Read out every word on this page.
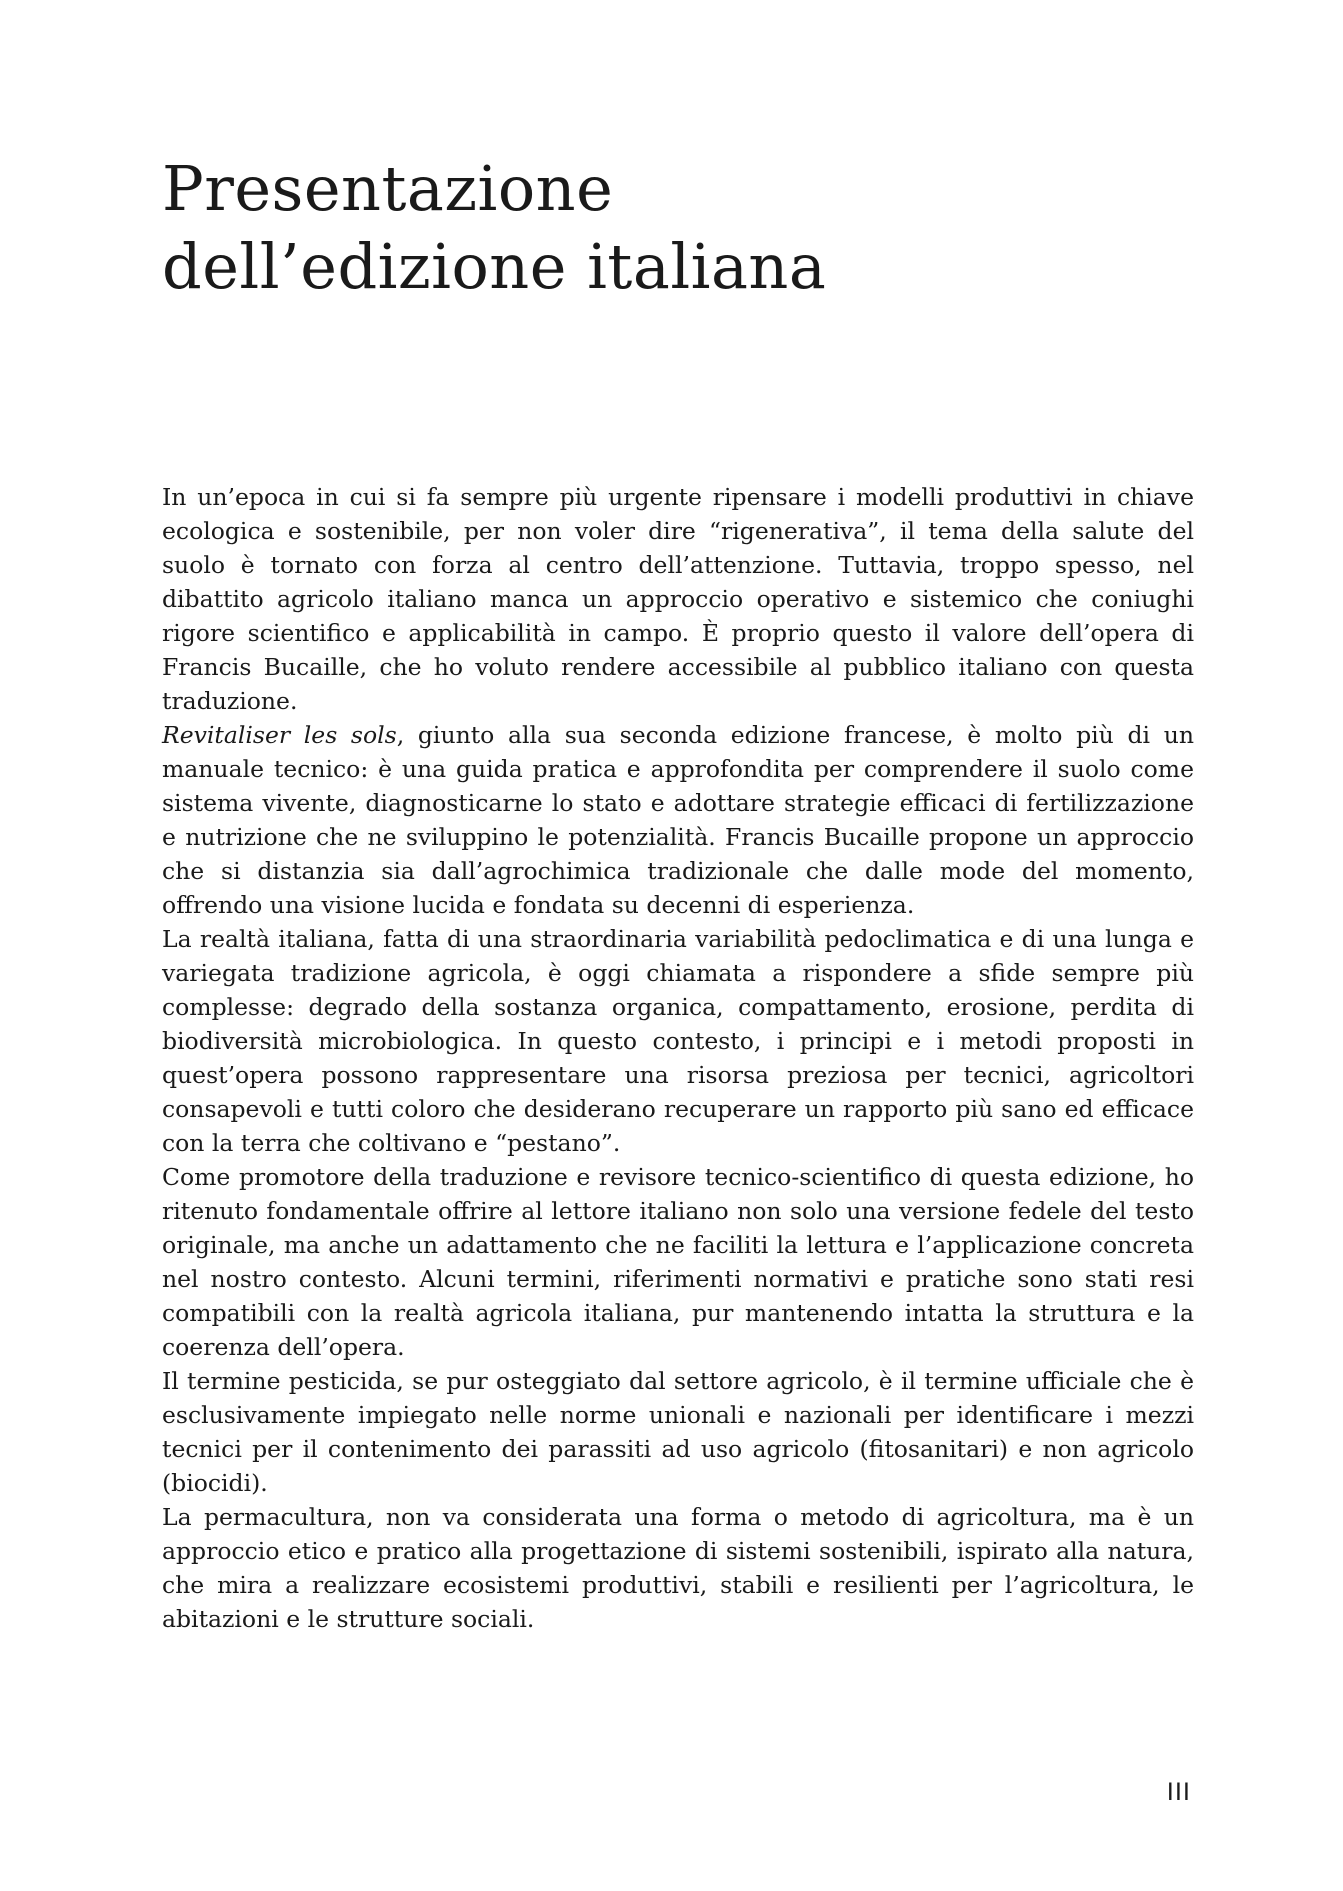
Presentazione
dell’edizione italiana

In un’epoca in cui si fa sempre più urgente ripensare i modelli produttivi in chiave ecologica e sostenibile, per non voler dire “rigenerativa”, il tema della salute del suolo è tornato con forza al centro dell’attenzione. Tuttavia, troppo spesso, nel dibattito agricolo italiano manca un approccio operativo e sistemico che coniughi rigore scientifico e applicabilità in campo. È proprio questo il valore dell’opera di Francis Bucaille, che ho voluto rendere accessibile al pubblico italiano con questa traduzione.

Revitaliser les sols, giunto alla sua seconda edizione francese, è molto più di un manuale tecnico: è una guida pratica e approfondita per comprendere il suolo come sistema vivente, diagnosticarne lo stato e adottare strategie efficaci di fertilizzazione e nutrizione che ne sviluppino le potenzialità. Francis Bucaille propone un approccio che si distanzia sia dall’agrochimica tradizionale che dalle mode del momento, offrendo una visione lucida e fondata su decenni di esperienza.

La realtà italiana, fatta di una straordinaria variabilità pedoclimatica e di una lunga e variegata tradizione agricola, è oggi chiamata a rispondere a sfide sempre più complesse: degrado della sostanza organica, compattamento, erosione, perdita di biodiversità microbiologica. In questo contesto, i principi e i metodi proposti in quest’opera possono rappresentare una risorsa preziosa per tecnici, agricoltori consapevoli e tutti coloro che desiderano recuperare un rapporto più sano ed efficace con la terra che coltivano e “pestano”.

Come promotore della traduzione e revisore tecnico-scientifico di questa edizione, ho ritenuto fondamentale offrire al lettore italiano non solo una versione fedele del testo originale, ma anche un adattamento che ne faciliti la lettura e l’applicazione concreta nel nostro contesto. Alcuni termini, riferimenti normativi e pratiche sono stati resi compatibili con la realtà agricola italiana, pur mantenendo intatta la struttura e la coerenza dell’opera.

Il termine pesticida, se pur osteggiato dal settore agricolo, è il termine ufficiale che è esclusivamente impiegato nelle norme unionali e nazionali per identificare i mezzi tecnici per il contenimento dei parassiti ad uso agricolo (fitosanitari) e non agricolo (biocidi).

La permacultura, non va considerata una forma o metodo di agricoltura, ma è un approccio etico e pratico alla progettazione di sistemi sostenibili, ispirato alla natura, che mira a realizzare ecosistemi produttivi, stabili e resilienti per l’agricoltura, le abitazioni e le strutture sociali.

III
